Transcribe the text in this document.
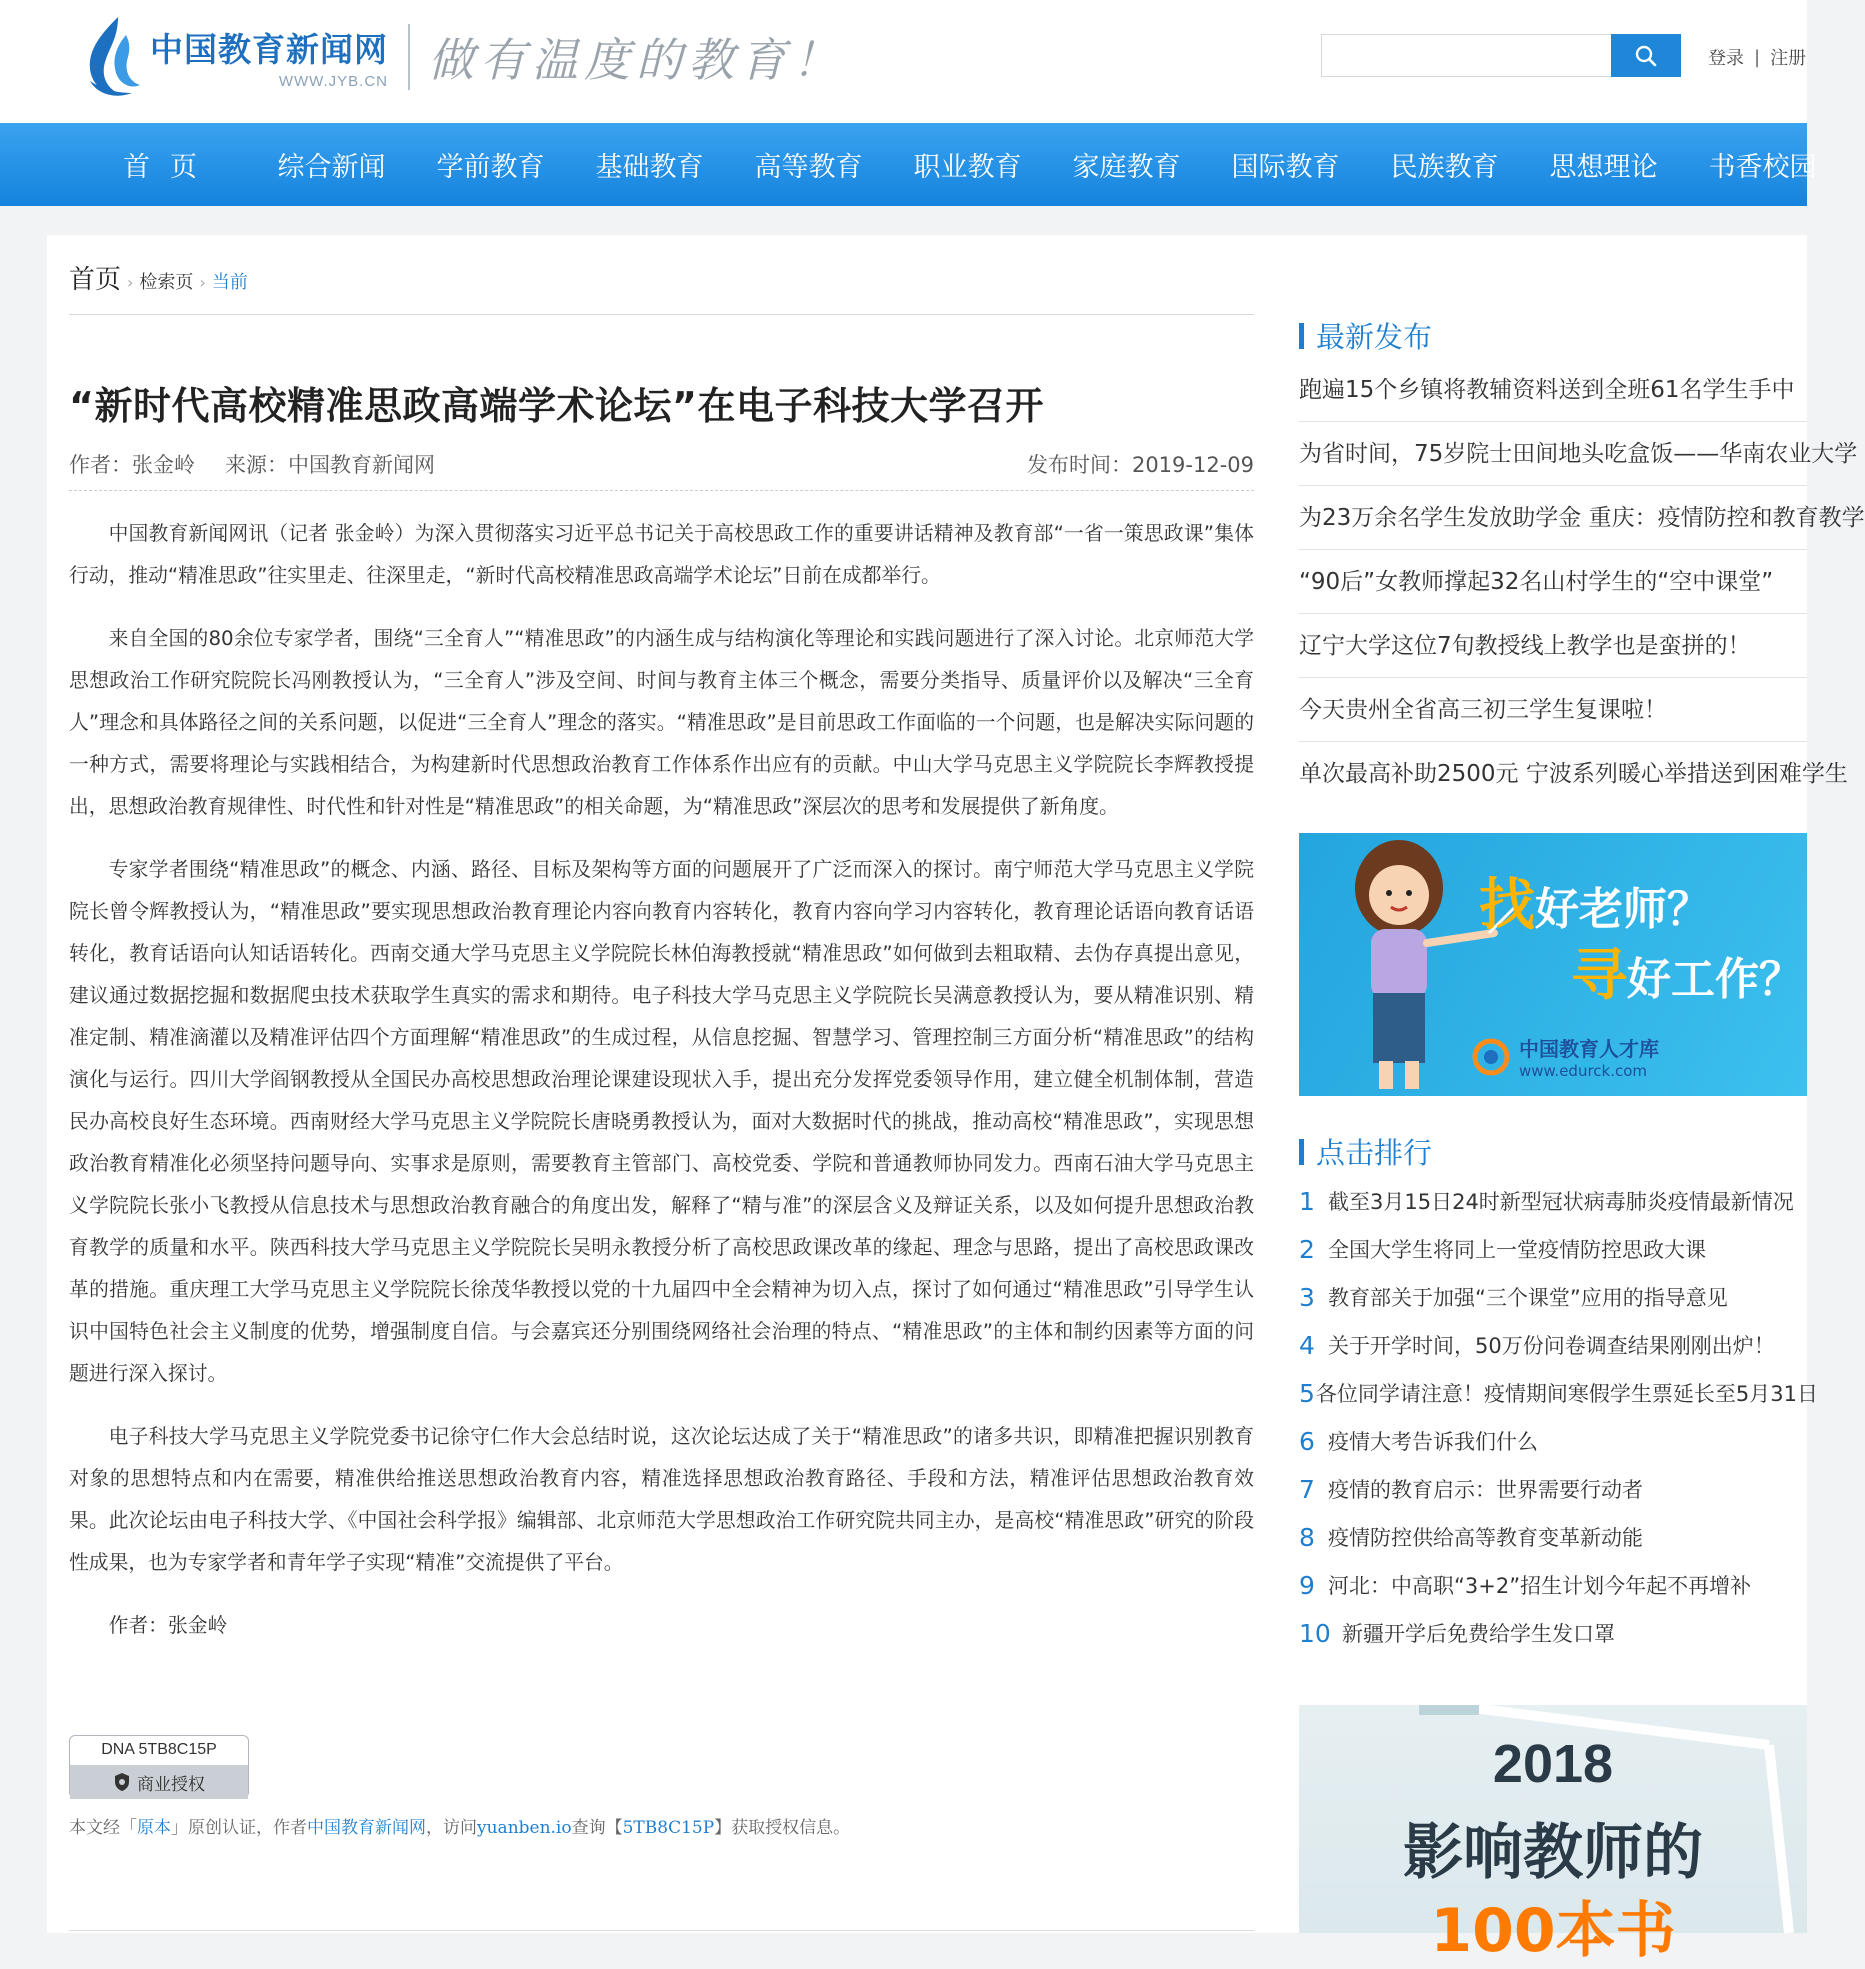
中国教育新闻网
WWW.JYB.CN 做有温度的教育！	登录 | 注册
首页	综合新闻	学前教育	基础教育	高等教育	职业教育	家庭教育	国际教育	民族教育	思想理论	书香校园
首页 › 检索页 › 当前
“新时代高校精准思政高端学术论坛”在电子科技大学召开
作者：张金岭 来源：中国教育新闻网	发布时间：2019-12-09

中国教育新闻网讯（记者 张金岭）为深入贯彻落实习近平总书记关于高校思政工作的重要讲话精神及教育部“一省一策思政课”集体行动，推动“精准思政”往实里走、往深里走，“新时代高校精准思政高端学术论坛”日前在成都举行。

来自全国的80余位专家学者，围绕“三全育人”“精准思政”的内涵生成与结构演化等理论和实践问题进行了深入讨论。北京师范大学思想政治工作研究院院长冯刚教授认为，“三全育人”涉及空间、时间与教育主体三个概念，需要分类指导、质量评价以及解决“三全育人”理念和具体路径之间的关系问题，以促进“三全育人”理念的落实。“精准思政”是目前思政工作面临的一个问题，也是解决实际问题的一种方式，需要将理论与实践相结合，为构建新时代思想政治教育工作体系作出应有的贡献。中山大学马克思主义学院院长李辉教授提出，思想政治教育规律性、时代性和针对性是“精准思政”的相关命题，为“精准思政”深层次的思考和发展提供了新角度。

专家学者围绕“精准思政”的概念、内涵、路径、目标及架构等方面的问题展开了广泛而深入的探讨。南宁师范大学马克思主义学院院长曾令辉教授认为，“精准思政”要实现思想政治教育理论内容向教育内容转化，教育内容向学习内容转化，教育理论话语向教育话语转化，教育话语向认知话语转化。西南交通大学马克思主义学院院长林伯海教授就“精准思政”如何做到去粗取精、去伪存真提出意见，建议通过数据挖掘和数据爬虫技术获取学生真实的需求和期待。电子科技大学马克思主义学院院长吴满意教授认为，要从精准识别、精准定制、精准滴灌以及精准评估四个方面理解“精准思政”的生成过程，从信息挖掘、智慧学习、管理控制三方面分析“精准思政”的结构演化与运行。四川大学阎钢教授从全国民办高校思想政治理论课建设现状入手，提出充分发挥党委领导作用，建立健全机制体制，营造民办高校良好生态环境。西南财经大学马克思主义学院院长唐晓勇教授认为，面对大数据时代的挑战，推动高校“精准思政”，实现思想政治教育精准化必须坚持问题导向、实事求是原则，需要教育主管部门、高校党委、学院和普通教师协同发力。西南石油大学马克思主义学院院长张小飞教授从信息技术与思想政治教育融合的角度出发，解释了“精与准”的深层含义及辩证关系，以及如何提升思想政治教育教学的质量和水平。陕西科技大学马克思主义学院院长吴明永教授分析了高校思政课改革的缘起、理念与思路，提出了高校思政课改革的措施。重庆理工大学马克思主义学院院长徐茂华教授以党的十九届四中全会精神为切入点，探讨了如何通过“精准思政”引导学生认识中国特色社会主义制度的优势，增强制度自信。与会嘉宾还分别围绕网络社会治理的特点、“精准思政”的主体和制约因素等方面的问题进行深入探讨。

电子科技大学马克思主义学院党委书记徐守仁作大会总结时说，这次论坛达成了关于“精准思政”的诸多共识，即精准把握识别教育对象的思想特点和内在需要，精准供给推送思想政治教育内容，精准选择思想政治教育路径、手段和方法，精准评估思想政治教育效果。此次论坛由电子科技大学、《中国社会科学报》编辑部、北京师范大学思想政治工作研究院共同主办，是高校“精准思政”研究的阶段性成果，也为专家学者和青年学子实现“精准”交流提供了平台。

作者：张金岭

DNA 5TB8C15P
商业授权
本文经「原本」原创认证，作者中国教育新闻网，访问yuanben.io查询【5TB8C15P】获取授权信息。
最新发布
跑遍15个乡镇将教辅资料送到全班61名学生手中
为省时间，75岁院士田间地头吃盒饭——华南农业大学
为23万余名学生发放助学金 重庆：疫情防控和教育教学
“90后”女教师撑起32名山村学生的“空中课堂”
辽宁大学这位7旬教授线上教学也是蛮拼的！
今天贵州全省高三初三学生复课啦！
单次最高补助2500元 宁波系列暖心举措送到困难学生
找好老师？
寻好工作？
中国教育人才库
www.edurck.com
点击排行
1 截至3月15日24时新型冠状病毒肺炎疫情最新情况
2 全国大学生将同上一堂疫情防控思政大课
3 教育部关于加强“三个课堂”应用的指导意见
4 关于开学时间，50万份问卷调查结果刚刚出炉！
5 各位同学请注意！疫情期间寒假学生票延长至5月31日
6 疫情大考告诉我们什么
7 疫情的教育启示：世界需要行动者
8 疫情防控供给高等教育变革新动能
9 河北：中高职“3+2”招生计划今年起不再增补
10 新疆开学后免费给学生发口罩
2018
影响教师的
100本书
